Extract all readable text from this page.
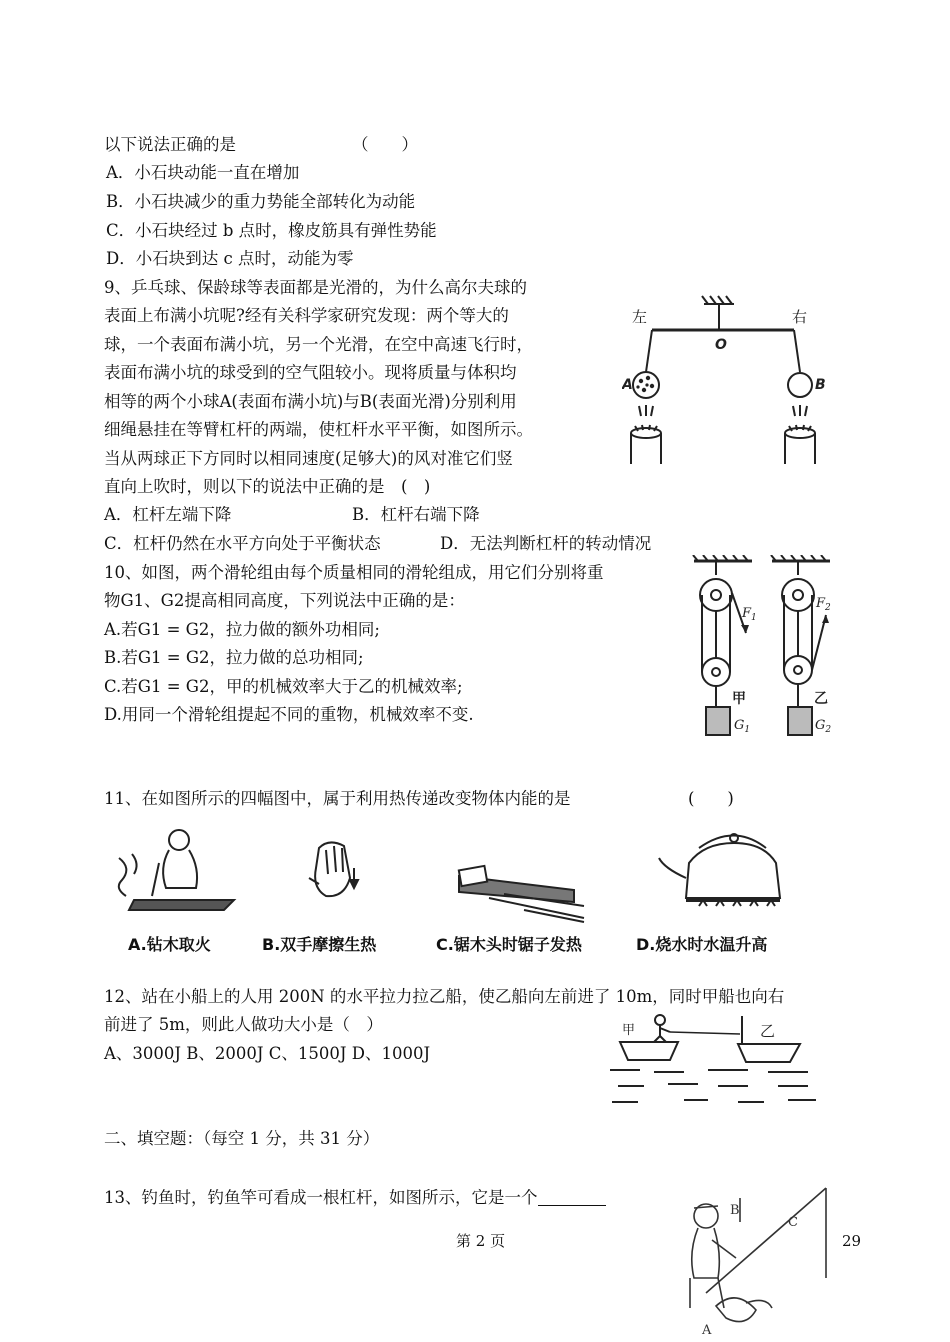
以下说法正确的是	（　　）
A．小石块动能一直在增加
B．小石块减少的重力势能全部转化为动能
C．小石块经过 b 点时，橡皮筋具有弹性势能
D．小石块到达 c 点时，动能为零
9、乒乓球、保龄球等表面都是光滑的，为什么高尔夫球的
表面上布满小坑呢?经有关科学家研究发现：两个等大的
球，一个表面布满小坑，另一个光滑，在空中高速飞行时，
表面布满小坑的球受到的空气阻较小。现将质量与体积均
相等的两个小球A(表面布满小坑)与B(表面光滑)分别利用
细绳悬挂在等臂杠杆的两端，使杠杆水平平衡，如图所示。
当从两球正下方同时以相同速度(足够大)的风对准它们竖
直向上吹时，则以下的说法中正确的是　(　)
A．杠杆左端下降	B．杠杆右端下降
C．杠杆仍然在水平方向处于平衡状态	D．无法判断杠杆的转动情况
左	右
O
A	B
10、如图，两个滑轮组由每个质量相同的滑轮组成，用它们分别将重
物G1、G2提高相同高度，下列说法中正确的是：
A.若G1 = G2，拉力做的额外功相同;
B.若G1 = G2，拉力做的总功相同;
C.若G1 = G2，甲的机械效率大于乙的机械效率;
D.用同一个滑轮组提起不同的重物，机械效率不变.
$F_1$
$F_2$
甲	乙
$G_1$	$G_2$
11、在如图所示的四幅图中，属于利用热传递改变物体内能的是	(　　)
A.钻木取火	B.双手摩擦生热	C.锯木头时锯子发热	D.烧水时水温升高
12、站在小船上的人用 200N 的水平拉力拉乙船，使乙船向左前进了 10m，同时甲船也向右
前进了 5m，则此人做功大小是（　）
A、3000J B、2000J C、1500J D、1000J
甲	乙
二、填空题：（每空 1 分，共 31 分）
13、钓鱼时，钓鱼竿可看成一根杠杆，如图所示，它是一个
B
C
A
第 2 页	29
